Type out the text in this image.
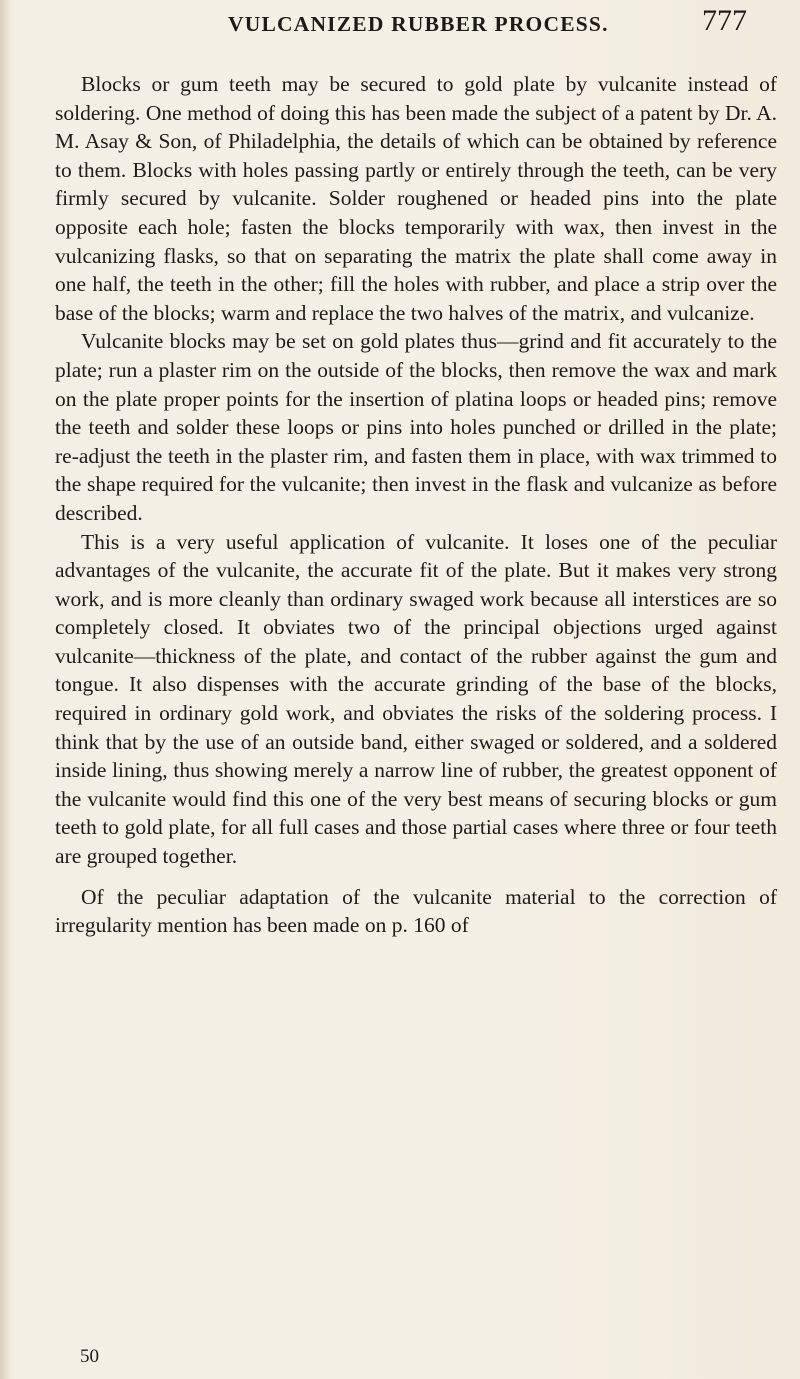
VULCANIZED RUBBER PROCESS.	777

Blocks or gum teeth may be secured to gold plate by vulcanite instead of soldering. One method of doing this has been made the subject of a patent by Dr. A. M. Asay & Son, of Philadelphia, the details of which can be obtained by reference to them. Blocks with holes passing partly or entirely through the teeth, can be very firmly secured by vulcanite. Solder roughened or headed pins into the plate opposite each hole; fasten the blocks temporarily with wax, then invest in the vulcanizing flasks, so that on separating the matrix the plate shall come away in one half, the teeth in the other; fill the holes with rubber, and place a strip over the base of the blocks; warm and replace the two halves of the matrix, and vulcanize.

Vulcanite blocks may be set on gold plates thus—grind and fit accurately to the plate; run a plaster rim on the outside of the blocks, then remove the wax and mark on the plate proper points for the insertion of platina loops or headed pins; remove the teeth and solder these loops or pins into holes punched or drilled in the plate; re-adjust the teeth in the plaster rim, and fasten them in place, with wax trimmed to the shape required for the vulcanite; then invest in the flask and vulcanize as before described.

This is a very useful application of vulcanite. It loses one of the peculiar advantages of the vulcanite, the accurate fit of the plate. But it makes very strong work, and is more cleanly than ordinary swaged work because all interstices are so completely closed. It obviates two of the principal objections urged against vulcanite—thickness of the plate, and contact of the rubber against the gum and tongue. It also dispenses with the accurate grinding of the base of the blocks, required in ordinary gold work, and obviates the risks of the soldering process. I think that by the use of an outside band, either swaged or soldered, and a soldered inside lining, thus showing merely a narrow line of rubber, the greatest opponent of the vulcanite would find this one of the very best means of securing blocks or gum teeth to gold plate, for all full cases and those partial cases where three or four teeth are grouped together.

Of the peculiar adaptation of the vulcanite material to the correction of irregularity mention has been made on p. 160 of

50
